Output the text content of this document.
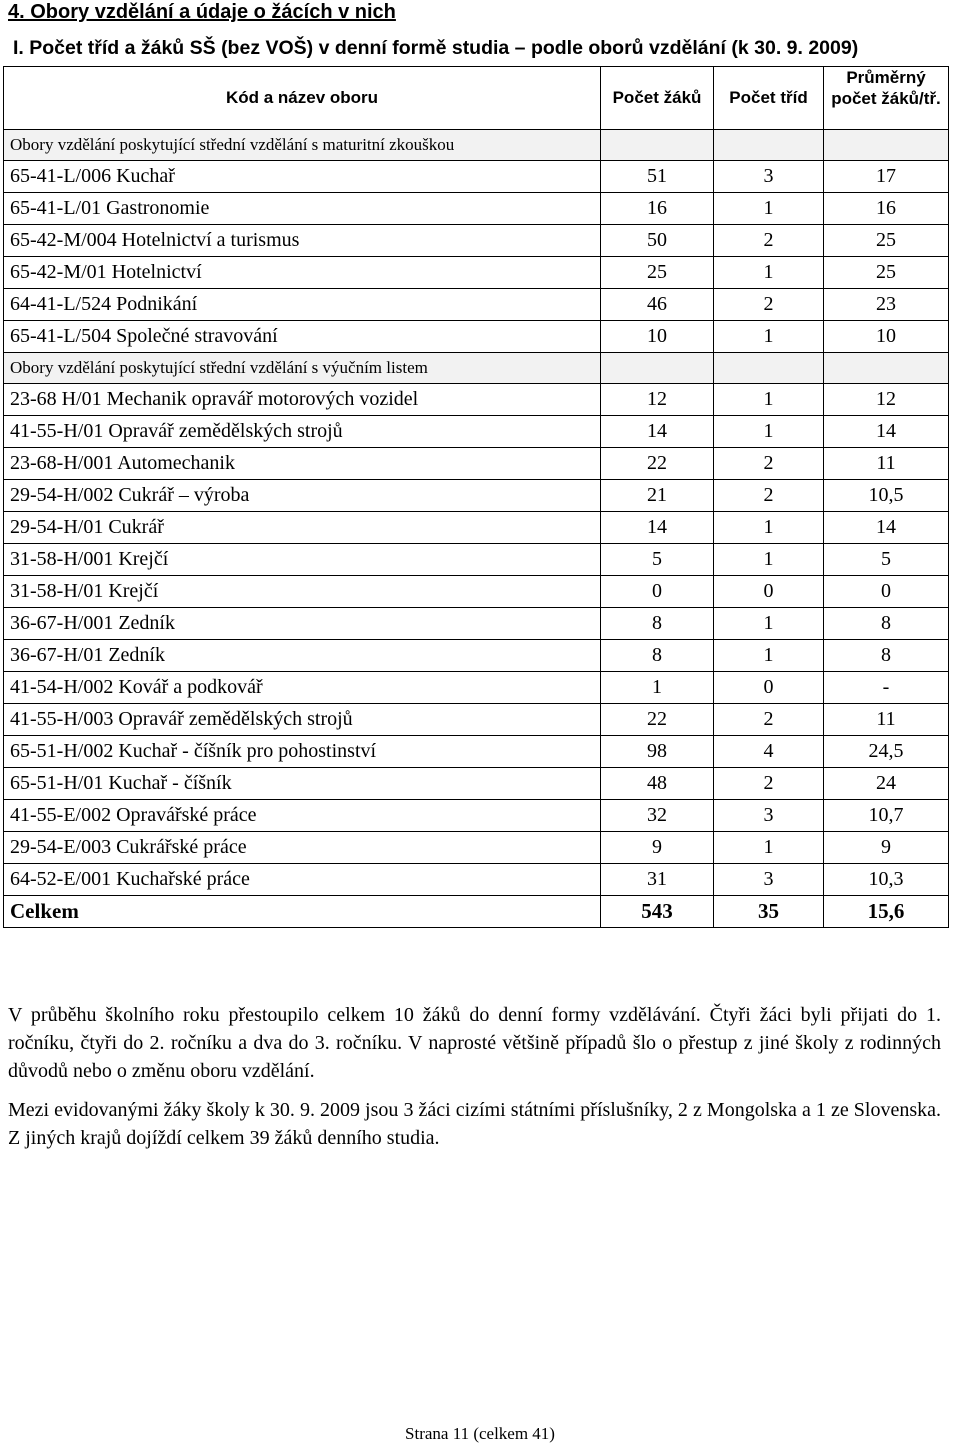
4. Obory vzdělání a údaje o žácích v nich
I. Počet tříd a žáků SŠ (bez VOŠ) v denní formě studia – podle oborů vzdělání (k 30. 9. 2009)
Kód a název oboru	Počet žáků	Počet tříd	Průměrný počet žáků/tř.
Obory vzdělání poskytující střední vzdělání s maturitní zkouškou			
65-41-L/006 Kuchař	51	3	17
65-41-L/01 Gastronomie	16	1	16
65-42-M/004 Hotelnictví a turismus	50	2	25
65-42-M/01 Hotelnictví	25	1	25
64-41-L/524 Podnikání	46	2	23
65-41-L/504 Společné stravování	10	1	10
Obory vzdělání poskytující střední vzdělání s výučním listem			
23-68 H/01 Mechanik opravář motorových vozidel	12	1	12
41-55-H/01 Opravář zemědělských strojů	14	1	14
23-68-H/001 Automechanik	22	2	11
29-54-H/002 Cukrář – výroba	21	2	10,5
29-54-H/01 Cukrář	14	1	14
31-58-H/001 Krejčí	5	1	5
31-58-H/01 Krejčí	0	0	0
36-67-H/001 Zedník	8	1	8
36-67-H/01 Zedník	8	1	8
41-54-H/002 Kovář a podkovář	1	0	-
41-55-H/003 Opravář zemědělských strojů	22	2	11
65-51-H/002 Kuchař - číšník pro pohostinství	98	4	24,5
65-51-H/01 Kuchař - číšník	48	2	24
41-55-E/002 Opravářské práce	32	3	10,7
29-54-E/003 Cukrářské práce	9	1	9
64-52-E/001 Kuchařské práce	31	3	10,3
Celkem	543	35	15,6
V průběhu školního roku přestoupilo celkem 10 žáků do denní formy vzdělávání. Čtyři žáci byli přijati do 1. ročníku, čtyři do 2. ročníku a dva do 3. ročníku. V naprosté většině případů šlo o přestup z jiné školy z rodinných důvodů nebo o změnu oboru vzdělání.
Mezi evidovanými žáky školy k 30. 9. 2009 jsou 3 žáci cizími státními příslušníky, 2 z Mongolska a 1 ze Slovenska. Z jiných krajů dojíždí celkem 39 žáků denního studia.
Strana 11 (celkem 41)
